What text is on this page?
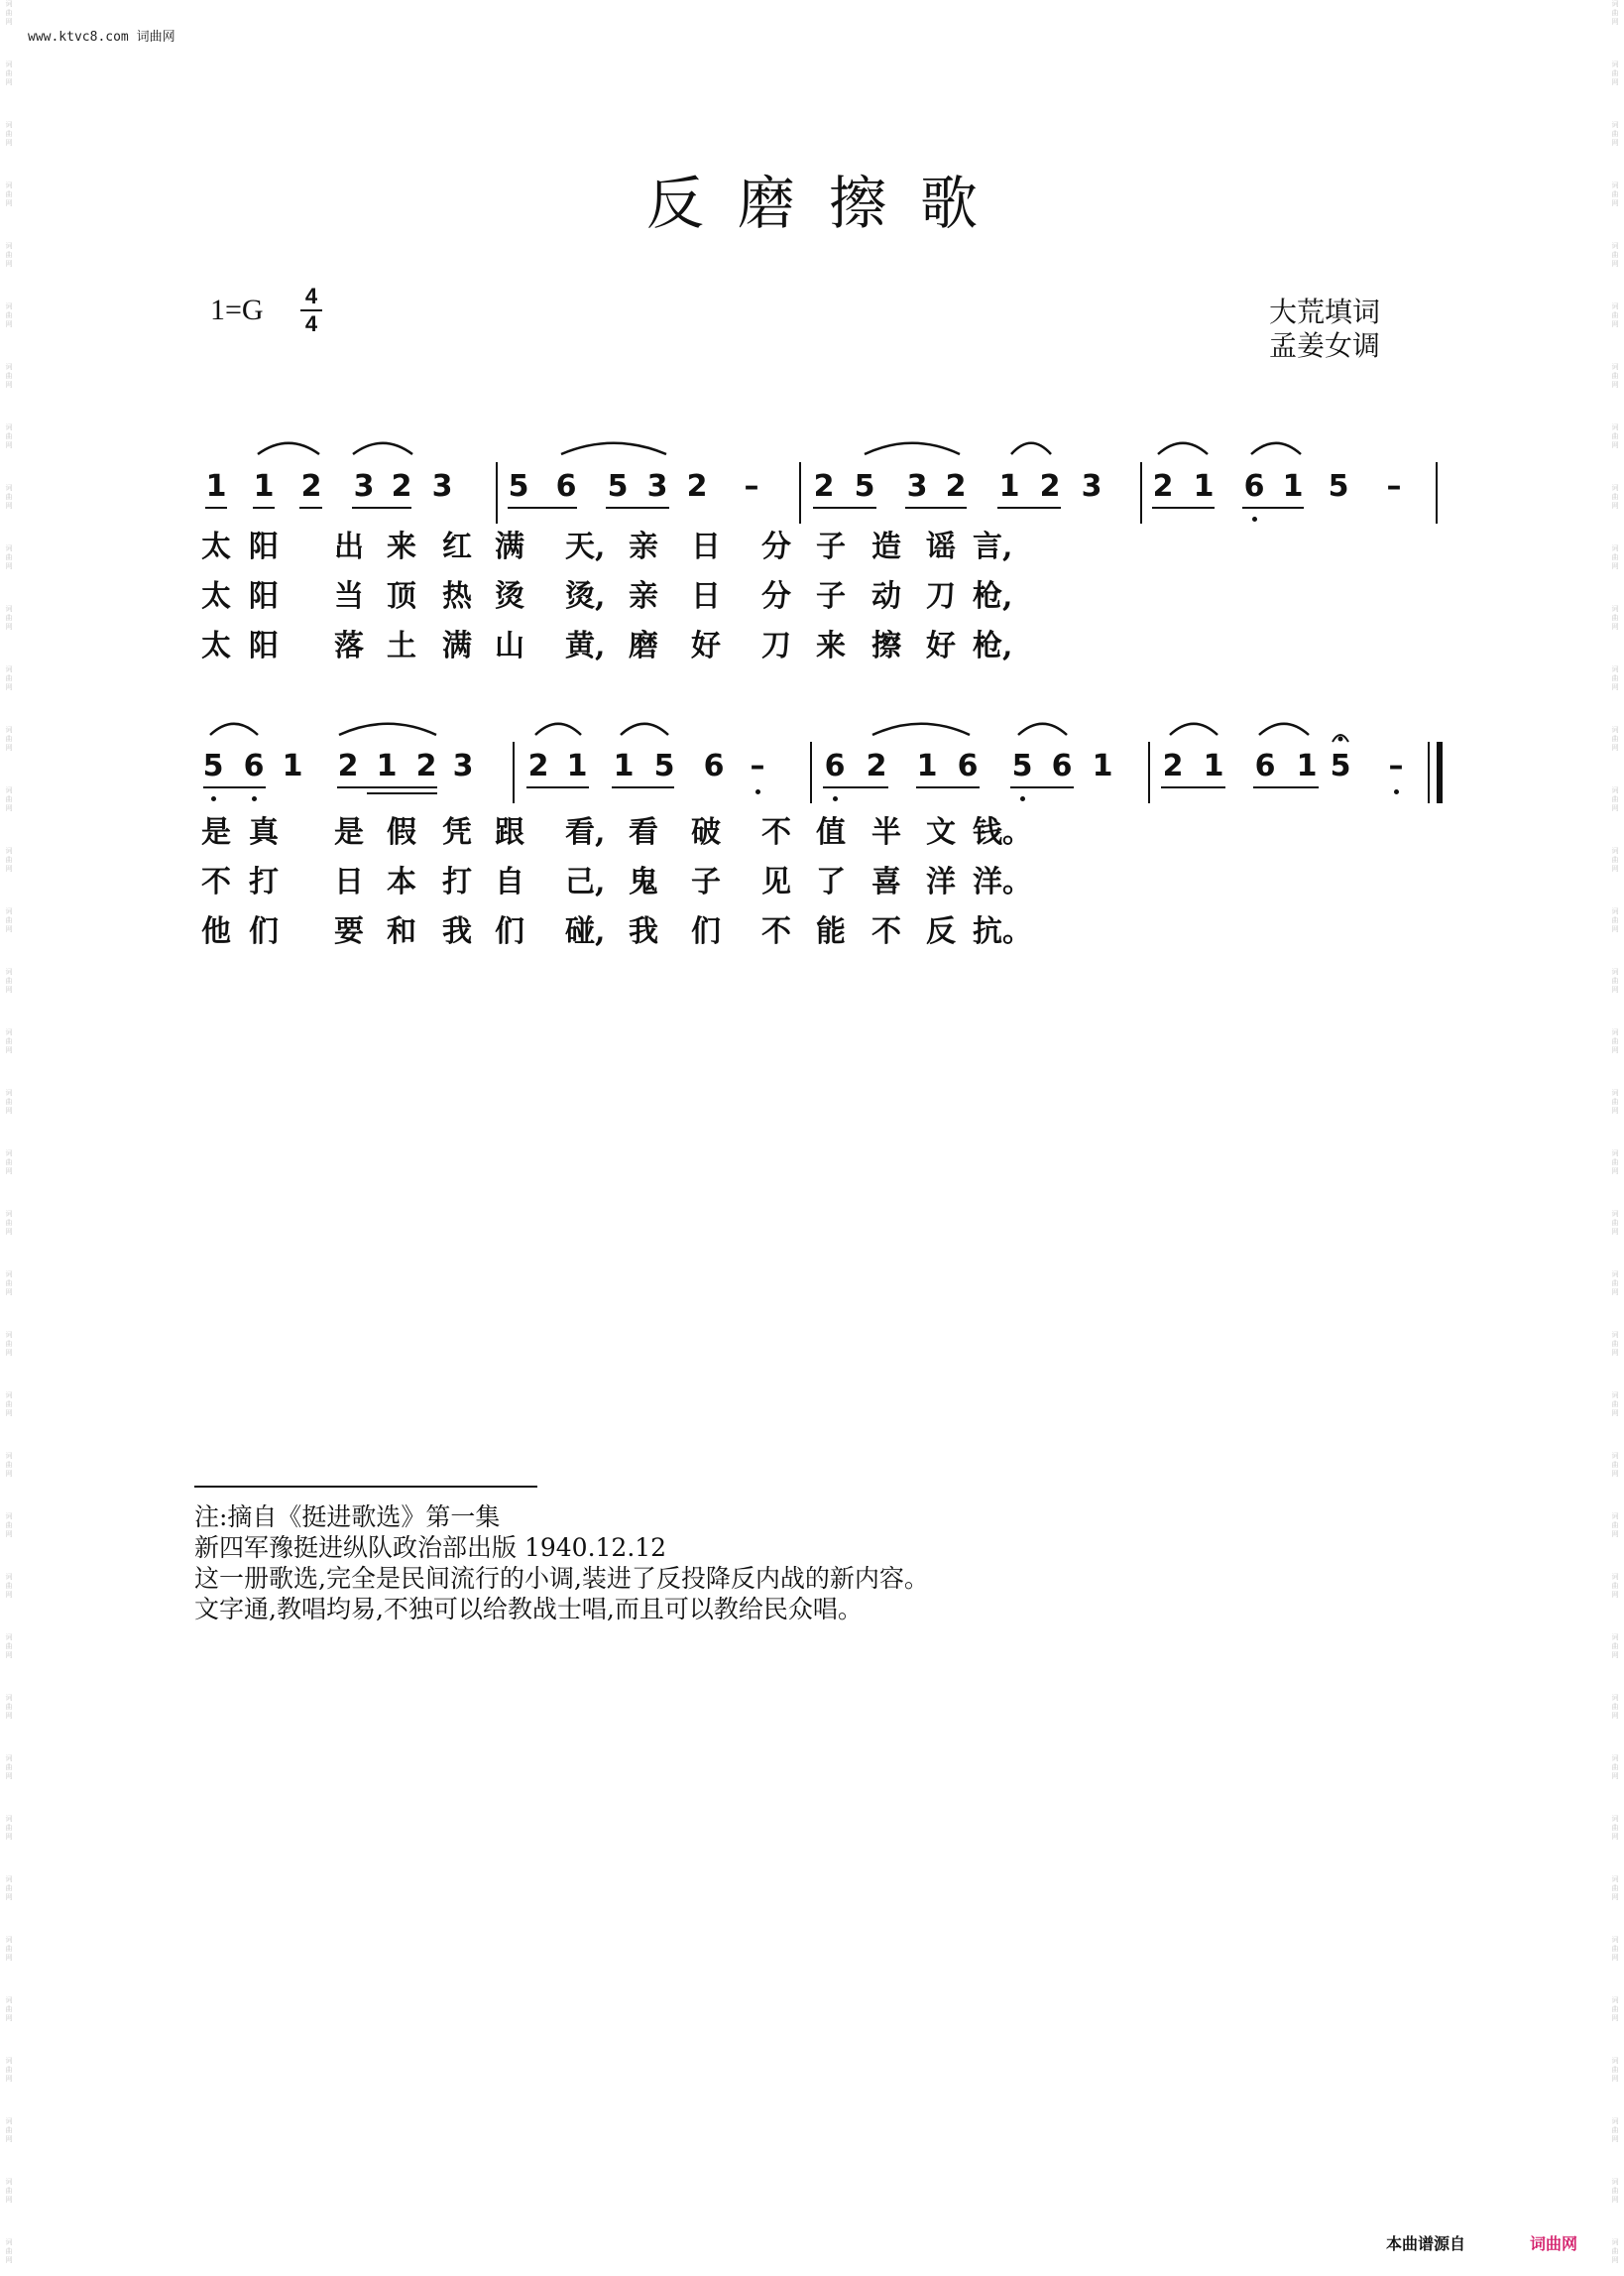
词
曲
网
词
曲
网
词
曲
网
词
曲
网
词
曲
网
词
曲
网
词
曲
网
词
曲
网
词
曲
网
词
曲
网
词
曲
网
词
曲
网
词
曲
网
词
曲
网
词
曲
网
词
曲
网
词
曲
网
词
曲
网
词
曲
网
词
曲
网
词
曲
网
词
曲
网
词
曲
网
词
曲
网
词
曲
网
词
曲
网
词
曲
网
词
曲
网
词
曲
网
词
曲
网
词
曲
网
词
曲
网
词
曲
网
词
曲
网
词
曲
网
词
曲
网
词
曲
网
词
曲
网
词
曲
网
词
曲
网
词
曲
网
词
曲
网
词
曲
网
词
曲
网
词
曲
网
词
曲
网
词
曲
网
词
曲
网
词
曲
网
词
曲
网
词
曲
网
词
曲
网
词
曲
网
词
曲
网
词
曲
网
词
曲
网
词
曲
网
词
曲
网
词
曲
网
词
曲
网
词
曲
网
词
曲
网
词
曲
网
词
曲
网
词
曲
网
词
曲
网
词
曲
网
词
曲
网
词
曲
网
词
曲
网
词
曲
网
词
曲
网
词
曲
网
词
曲
网
词
曲
网
词
曲
网
www.ktvc8.com 词曲网
反磨擦歌
1=G 4
4	大荒填词
孟姜女调
1 1 2 3 2 3 5 6 5 3 2 – 2 5 3 2 1 2 3 2 1 6 1 5 –
5 6 1 2 1 2 3 2 1 1 5 6 – 6 2 1 6 5 6 1 2 1 6 1 5 –
太 阳 出 来 红 满 天, 亲 日 分 子 造 谣 言,
太 阳 当 顶 热 烫 烫, 亲 日 分 子 动 刀 枪,
太 阳 落 土 满 山 黄, 磨 好 刀 来 擦 好 枪,
是 真 是 假 凭 跟 看, 看 破 不 值 半 文 钱。
不 打 日 本 打 自 己, 鬼 子 见 了 喜 洋 洋。
他 们 要 和 我 们 碰, 我 们 不 能 不 反 抗。
注:摘自《挺进歌选》第一集
新四军豫挺进纵队政治部出版 1940.12.12
这一册歌选,完全是民间流行的小调,装进了反投降反内战的新内容。
文字通,教唱均易,不独可以给教战士唱,而且可以教给民众唱。
本曲谱源自	词曲网
